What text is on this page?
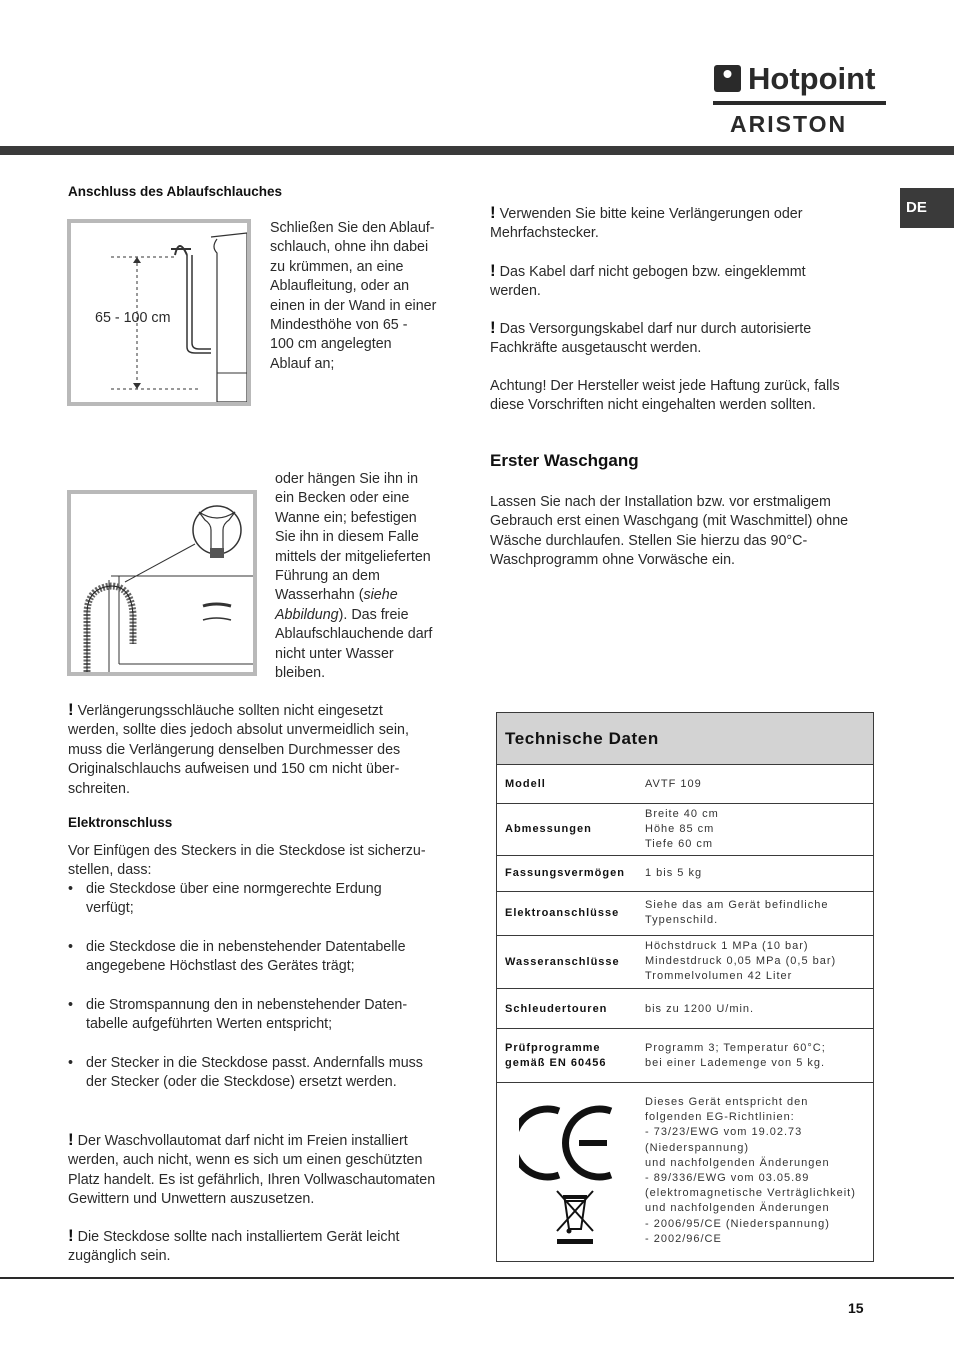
Hotpoint
ARISTON
DE
Anschluss des Ablaufschlauches
65 - 100 cm
Schließen Sie den Ablauf-
schlauch, ohne ihn dabei
zu krümmen, an eine
Ablaufleitung, oder an
einen in der Wand in einer
Mindesthöhe von 65 -
100 cm angelegten
Ablauf an;
oder hängen Sie ihn in
ein Becken oder eine
Wanne ein; befestigen
Sie ihn in diesem Falle
mittels der mitgelieferten
Führung an dem
Wasserhahn (siehe
Abbildung). Das freie
Ablaufschlauchende darf
nicht unter Wasser
bleiben.
! Verlängerungsschläuche sollten nicht eingesetzt
werden, sollte dies jedoch absolut unvermeidlich sein,
muss die Verlängerung denselben Durchmesser des
Originalschlauchs aufweisen und 150 cm nicht über-
schreiten.
Elektronschluss
Vor Einfügen des Steckers in die Steckdose ist sicherzu-
stellen, dass:
• die Steckdose über eine normgerechte Erdung
verfügt;
• die Steckdose die in nebenstehender Datentabelle
angegebene Höchstlast des Gerätes trägt;
• die Stromspannung den in nebenstehender Daten-
tabelle aufgeführten Werten entspricht;
• der Stecker in die Steckdose passt. Andernfalls muss
der Stecker (oder die Steckdose) ersetzt werden.
! Der Waschvollautomat darf nicht im Freien installiert
werden, auch nicht, wenn es sich um einen geschützten
Platz handelt. Es ist gefährlich, Ihren Vollwaschautomaten
Gewittern und Unwettern auszusetzen.
! Die Steckdose sollte nach installiertem Gerät leicht
zugänglich sein.
! Verwenden Sie bitte keine Verlängerungen oder
Mehrfachstecker.
! Das Kabel darf nicht gebogen bzw. eingeklemmt
werden.
! Das Versorgungskabel darf nur durch autorisierte
Fachkräfte ausgetauscht werden.
Achtung! Der Hersteller weist jede Haftung zurück, falls
diese Vorschriften nicht eingehalten werden sollten.
Erster Waschgang
Lassen Sie nach der Installation bzw. vor erstmaligem
Gebrauch erst einen Waschgang (mit Waschmittel) ohne
Wäsche durchlaufen. Stellen Sie hierzu das 90°C-
Waschprogramm ohne Vorwäsche ein.
Technische Daten
Modell	AVTF 109
Abmessungen
Breite 40 cm
Höhe 85 cm
Tiefe 60 cm
Fassungsvermögen 1 bis 5 kg
Elektroanschlüsse
Siehe das am Gerät befindliche
Typenschild.
Wasseranschlüsse
Höchstdruck 1 MPa (10 bar)
Mindestdruck 0,05 MPa (0,5 bar)
Trommelvolumen 42 Liter
Schleudertouren	bis zu 1200 U/min.
Prüfprogramme
gemäß EN 60456
Programm 3; Temperatur 60°C;
bei einer Lademenge von 5 kg.
Dieses Gerät entspricht den
folgenden EG-Richtlinien:
- 73/23/EWG vom 19.02.73
(Niederspannung)
und nachfolgenden Änderungen
- 89/336/EWG vom 03.05.89
(elektromagnetische Verträglichkeit)
und nachfolgenden Änderungen
- 2006/95/CE (Niederspannung)
- 2002/96/CE
15
